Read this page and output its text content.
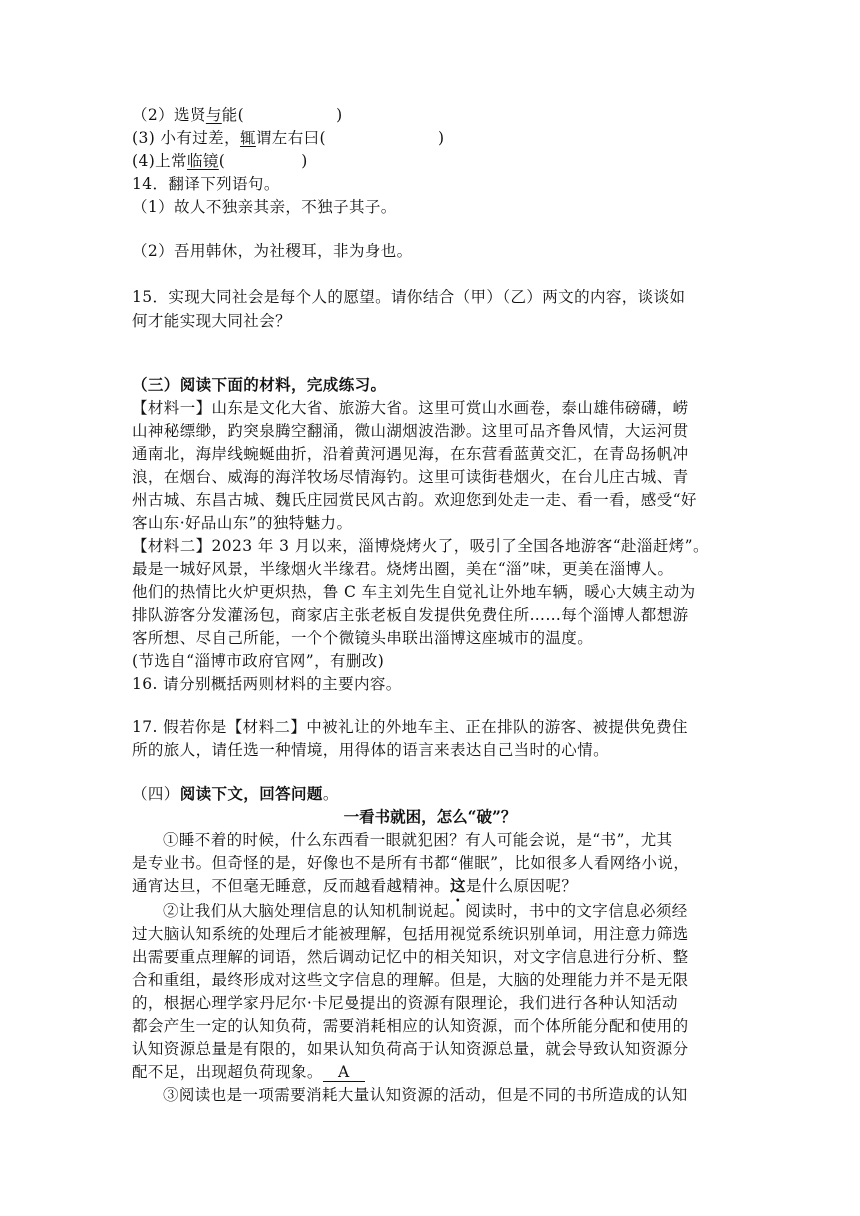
（2）选贤与能(	)
(3) 小有过差，辄谓左右曰(	)
(4)上常临镜(	)
14．翻译下列语句。
（1）故人不独亲其亲，不独子其子。
（2）吾用韩休，为社稷耳，非为身也。
15．实现大同社会是每个人的愿望。请你结合（甲）（乙）两文的内容，谈谈如
何才能实现大同社会？
（三）阅读下面的材料，完成练习。
【材料一】山东是文化大省、旅游大省。这里可赏山水画卷，泰山雄伟磅礴，崂
山神秘缥缈，趵突泉腾空翻涌，微山湖烟波浩渺。这里可品齐鲁风情，大运河贯
通南北，海岸线蜿蜒曲折，沿着黄河遇见海，在东营看蓝黄交汇，在青岛扬帆冲
浪，在烟台、威海的海洋牧场尽情海钓。这里可读街巷烟火，在台儿庄古城、青
州古城、东昌古城、魏氏庄园赏民风古韵。欢迎您到处走一走、看一看，感受“好
客山东·好品山东”的独特魅力。
【材料二】2023 年 3 月以来，淄博烧烤火了，吸引了全国各地游客“赴淄赶烤”。
最是一城好风景，半缘烟火半缘君。烧烤出圈，美在“淄”味，更美在淄博人。
他们的热情比火炉更炽热，鲁 C 车主刘先生自觉礼让外地车辆，暖心大姨主动为
排队游客分发灌汤包，商家店主张老板自发提供免费住所……每个淄博人都想游
客所想、尽自己所能，一个个微镜头串联出淄博这座城市的温度。
(节选自“淄博市政府官网”，有删改)
16. 请分别概括两则材料的主要内容。
17. 假若你是【材料二】中被礼让的外地车主、正在排队的游客、被提供免费住
所的旅人，请任选一种情境，用得体的语言来表达自己当时的心情。
（四）阅读下文，回答问题。
一看书就困，怎么“破”？
①睡不着的时候，什么东西看一眼就犯困？有人可能会说，是“书”，尤其
是专业书。但奇怪的是，好像也不是所有书都“催眠”，比如很多人看网络小说，
通宵达旦，不但毫无睡意，反而越看越精神。这是什么原因呢？
②让我们从大脑处理信息的认知机制说起。阅读时，书中的文字信息必须经
过大脑认知系统的处理后才能被理解，包括用视觉系统识别单词，用注意力筛选
出需要重点理解的词语，然后调动记忆中的相关知识，对文字信息进行分析、整
合和重组，最终形成对这些文字信息的理解。但是，大脑的处理能力并不是无限
的，根据心理学家丹尼尔·卡尼曼提出的资源有限理论，我们进行各种认知活动
都会产生一定的认知负荷，需要消耗相应的认知资源，而个体所能分配和使用的
认知资源总量是有限的，如果认知负荷高于认知资源总量，就会导致认知资源分
配不足，出现超负荷现象。 A
③阅读也是一项需要消耗大量认知资源的活动，但是不同的书所造成的认知
